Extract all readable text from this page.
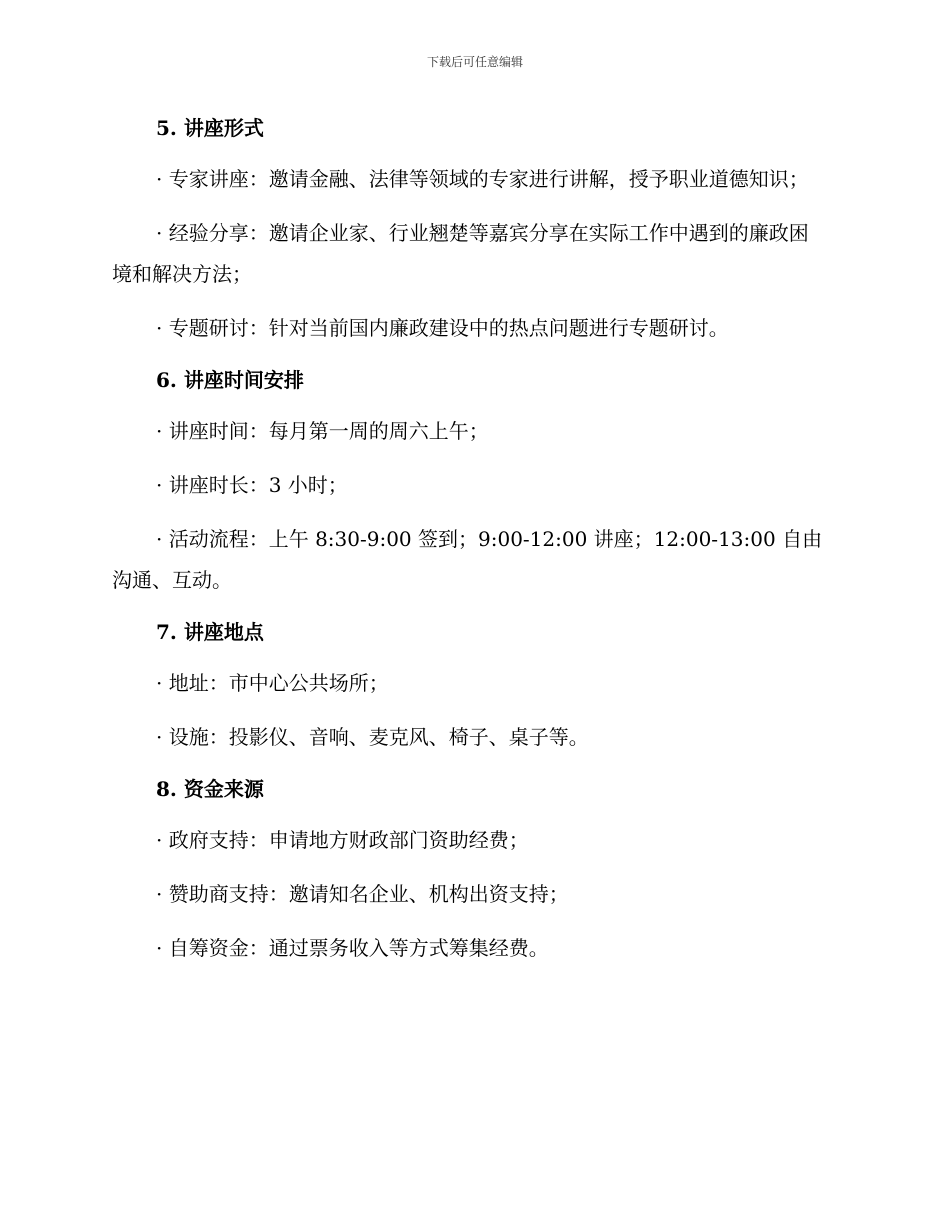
下载后可任意编辑

5. 讲座形式

· 专家讲座：邀请金融、法律等领域的专家进行讲解，授予职业道德知识；

· 经验分享：邀请企业家、行业翘楚等嘉宾分享在实际工作中遇到的廉政困境和解决方法；

· 专题研讨：针对当前国内廉政建设中的热点问题进行专题研讨。

6. 讲座时间安排

· 讲座时间：每月第一周的周六上午；

· 讲座时长：3 小时；

· 活动流程：上午 8:30-9:00 签到；9:00-12:00 讲座；12:00-13:00 自由沟通、互动。

7. 讲座地点

· 地址：市中心公共场所；

· 设施：投影仪、音响、麦克风、椅子、桌子等。

8. 资金来源

· 政府支持：申请地方财政部门资助经费；

· 赞助商支持：邀请知名企业、机构出资支持；

· 自筹资金：通过票务收入等方式筹集经费。
